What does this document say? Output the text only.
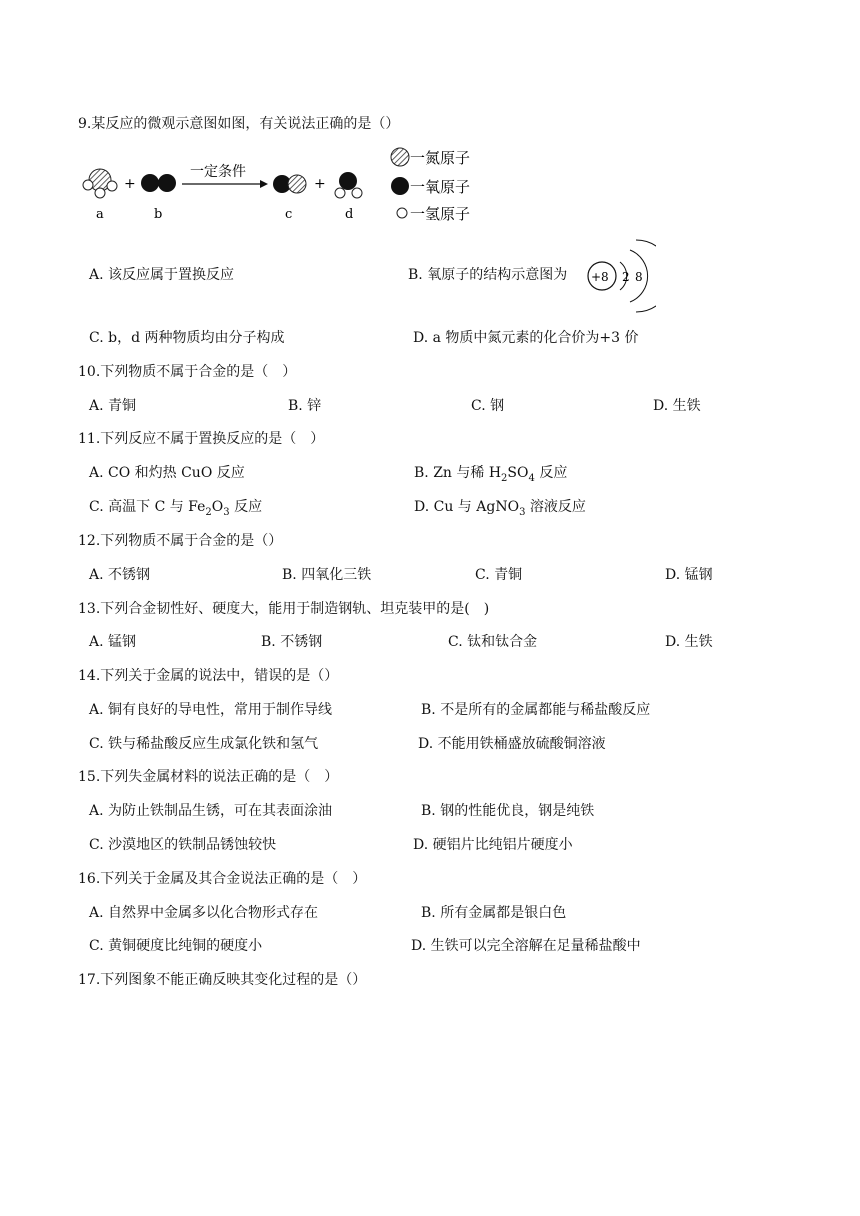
9.某反应的微观示意图如图，有关说法正确的是（）
+
一定条件
+
a	b	c	d
一氮原子
一氧原子
一氢原子
A. 该反应属于置换反应	B. 氧原子的结构示意图为 +8 2 8
C. b，d 两种物质均由分子构成	D. a 物质中氮元素的化合价为+3 价
10.下列物质不属于合金的是（　）
A. 青铜	B. 锌	C. 钢	D. 生铁
11.下列反应不属于置换反应的是（　）
A. CO 和灼热 CuO 反应	B. Zn 与稀 $H_2SO_4$ 反应
C. 高温下 C 与 $Fe_2O_3$ 反应	D. Cu 与 AgNO$_3$ 溶液反应
12.下列物质不属于合金的是（）
A. 不锈钢	B. 四氧化三铁	C. 青铜	D. 锰钢
13.下列合金韧性好、硬度大，能用于制造钢轨、坦克装甲的是(　)
A. 锰钢	B. 不锈钢	C. 钛和钛合金	D. 生铁
14.下列关于金属的说法中，错误的是（）
A. 铜有良好的导电性，常用于制作导线	B. 不是所有的金属都能与稀盐酸反应
C. 铁与稀盐酸反应生成氯化铁和氢气	D. 不能用铁桶盛放硫酸铜溶液
15.下列失金属材料的说法正确的是（　）
A. 为防止铁制品生锈，可在其表面涂油	B. 钢的性能优良，钢是纯铁
C. 沙漠地区的铁制品锈蚀较快	D. 硬铝片比纯铝片硬度小
16.下列关于金属及其合金说法正确的是（　）
A. 自然界中金属多以化合物形式存在	B. 所有金属都是银白色
C. 黄铜硬度比纯铜的硬度小	D. 生铁可以完全溶解在足量稀盐酸中
17.下列图象不能正确反映其变化过程的是（）
